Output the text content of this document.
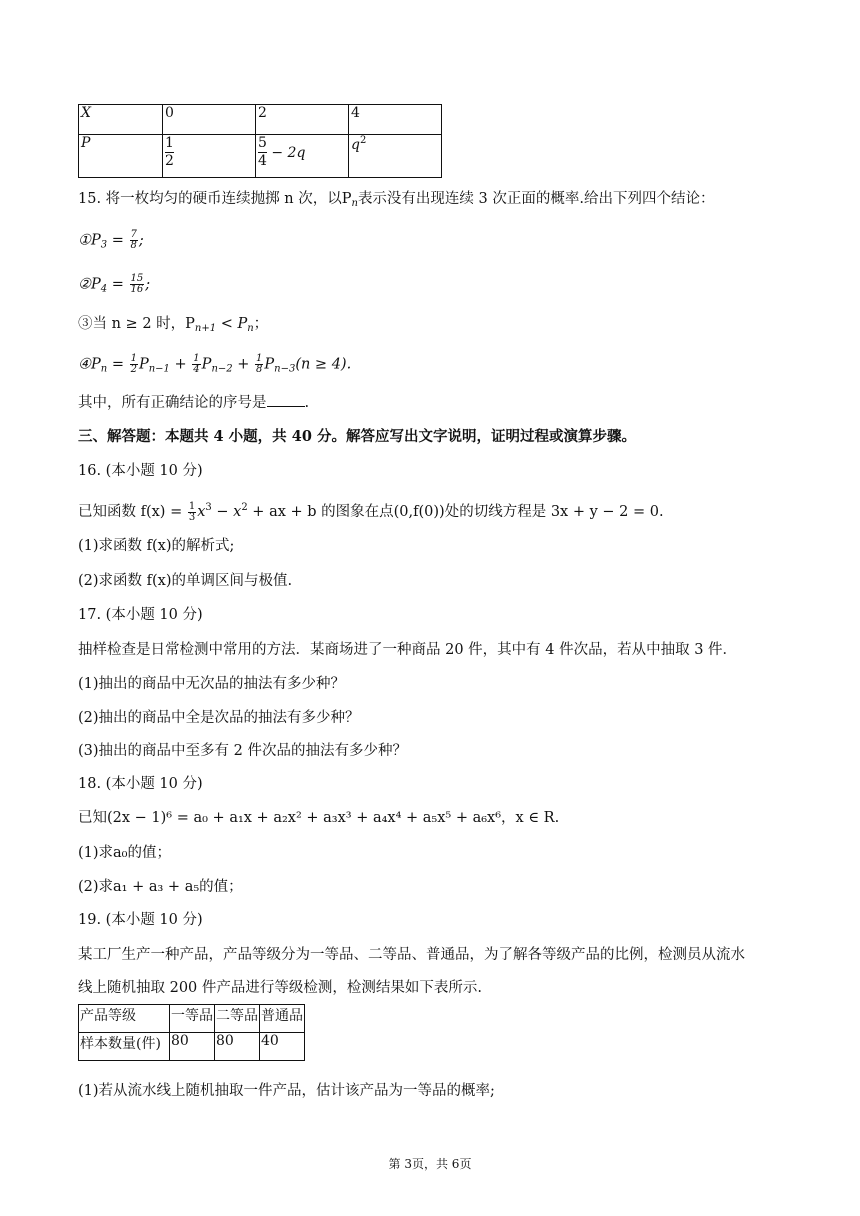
X	0	2	4
P	$\frac{1}{2}$	$\frac{5}{4} - 2q$	$q^2$
15. 将一枚均匀的硬币连续抛掷 n 次，以$P_n$表示没有出现连续 3 次正面的概率.给出下列四个结论：
$①P_3 = \frac{7}{8}$ ;
$②P_4 = \frac{15}{16}$ ;
③当 n ≥ 2 时，$P_{n+1} < P_n$；
$④P_n = \frac{1}{2} P_{n-1} + \frac{1}{4} P_{n-2} + \frac{1}{8} P_{n-3}(n \ge 4)$.
其中，所有正确结论的序号是	.
三、解答题：本题共 4 小题，共 40 分。解答应写出文字说明，证明过程或演算步骤。
16. (本小题 10 分)
已知函数 $f(x) = \frac{1}{3} x^3 - x^2$ + ax + b 的图象在点(0,f(0))处的切线方程是 3x + y − 2 = 0.
(1)求函数 f(x)的解析式;
(2)求函数 f(x)的单调区间与极值.
17. (本小题 10 分)
抽样检查是日常检测中常用的方法．某商场进了一种商品 20 件，其中有 4 件次品，若从中抽取 3 件．
(1)抽出的商品中无次品的抽法有多少种？
(2)抽出的商品中全是次品的抽法有多少种？
(3)抽出的商品中至多有 2 件次品的抽法有多少种？
18. (本小题 10 分)
已知(2x − 1)⁶ = a₀ + a₁x + a₂x² + a₃x³ + a₄x⁴ + a₅x⁵ + a₆x⁶，x ∈ R.
(1)求a₀的值；
(2)求a₁ + a₃ + a₅的值；
19. (本小题 10 分)
某工厂生产一种产品，产品等级分为一等品、二等品、普通品，为了解各等级产品的比例，检测员从流水
线上随机抽取 200 件产品进行等级检测，检测结果如下表所示.
产品等级	一等品	二等品	普通品
样本数量(件)	80	80	40
(1)若从流水线上随机抽取一件产品，估计该产品为一等品的概率;
第 3页，共 6页
